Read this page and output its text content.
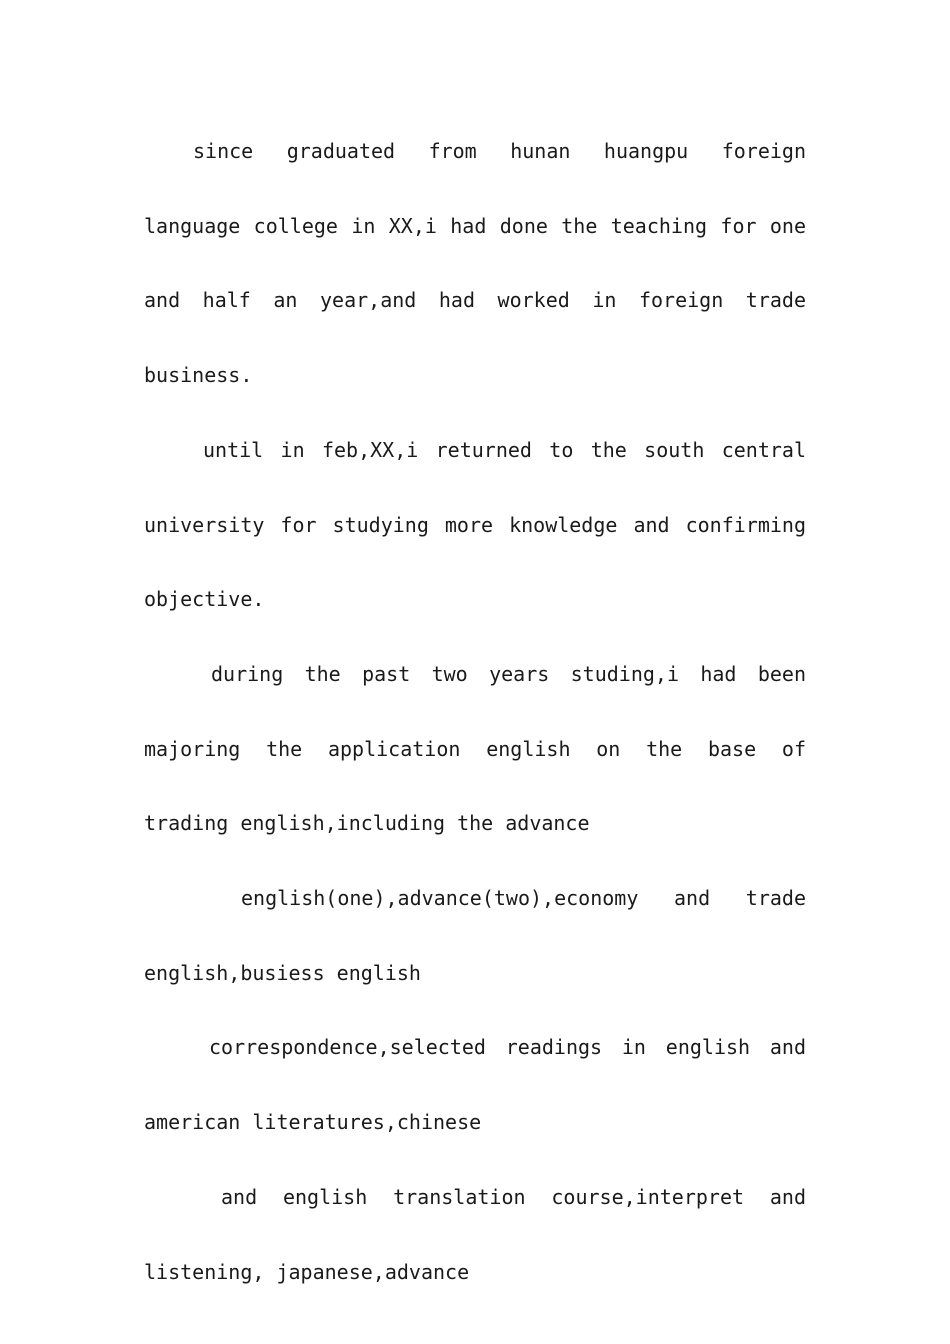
since graduated from hunan huangpu foreign language college in XX,i had done the teaching for one and half an year,and had worked in foreign trade business.

until in feb,XX,i returned to the south central university for studying more knowledge and confirming objective.

during the past two years studing,i had been majoring the application english on the base of trading english,including the advance

english(one),advance(two),economy and trade english,busiess english

correspondence,selected readings in english and american literatures,chinese

and english translation course,interpret and listening, japanese,advance
